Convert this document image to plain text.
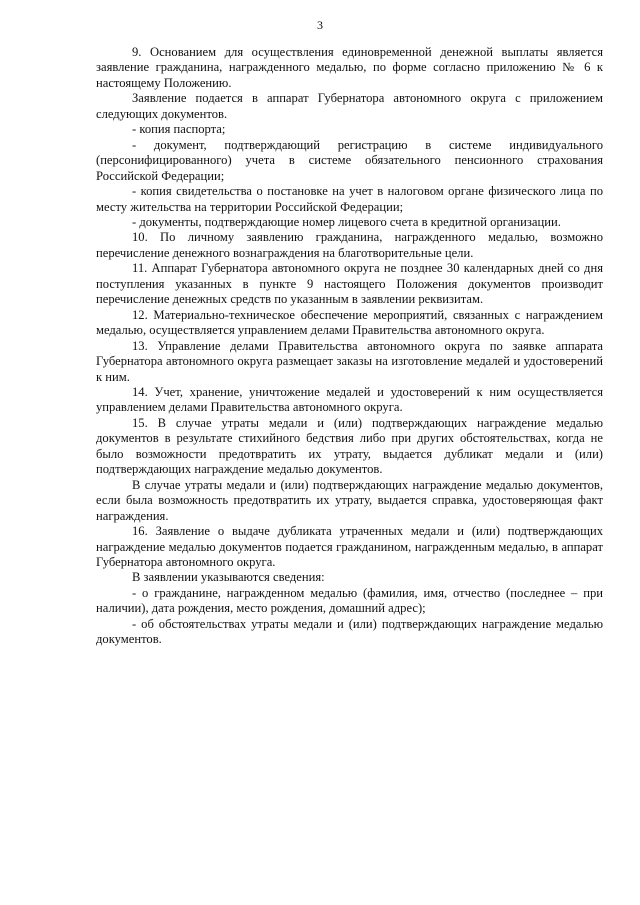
3

9. Основанием для осуществления единовременной денежной выплаты является заявление гражданина, награжденного медалью, по форме согласно приложению № 6 к настоящему Положению.

Заявление подается в аппарат Губернатора автономного округа с приложением следующих документов.

- копия паспорта;

- документ, подтверждающий регистрацию в системе индивидуального (персонифицированного) учета в системе обязательного пенсионного страхования Российской Федерации;

- копия свидетельства о постановке на учет в налоговом органе физического лица по месту жительства на территории Российской Федерации;

- документы, подтверждающие номер лицевого счета в кредитной организации.

10. По личному заявлению гражданина, награжденного медалью, возможно перечисление денежного вознаграждения на благотворительные цели.

11. Аппарат Губернатора автономного округа не позднее 30 календарных дней со дня поступления указанных в пункте 9 настоящего Положения документов производит перечисление денежных средств по указанным в заявлении реквизитам.

12. Материально-техническое обеспечение мероприятий, связанных с награждением медалью, осуществляется управлением делами Правительства автономного округа.

13. Управление делами Правительства автономного округа по заявке аппарата Губернатора автономного округа размещает заказы на изготовление медалей и удостоверений к ним.

14. Учет, хранение, уничтожение медалей и удостоверений к ним осуществляется управлением делами Правительства автономного округа.

15. В случае утраты медали и (или) подтверждающих награждение медалью документов в результате стихийного бедствия либо при других обстоятельствах, когда не было возможности предотвратить их утрату, выдается дубликат медали и (или) подтверждающих награждение медалью документов.

В случае утраты медали и (или) подтверждающих награждение медалью документов, если была возможность предотвратить их утрату, выдается справка, удостоверяющая факт награждения.

16. Заявление о выдаче дубликата утраченных медали и (или) подтверждающих награждение медалью документов подается гражданином, награжденным медалью, в аппарат Губернатора автономного округа.

В заявлении указываются сведения:

- о гражданине, награжденном медалью (фамилия, имя, отчество (последнее – при наличии), дата рождения, место рождения, домашний адрес);

- об обстоятельствах утраты медали и (или) подтверждающих награждение медалью документов.
